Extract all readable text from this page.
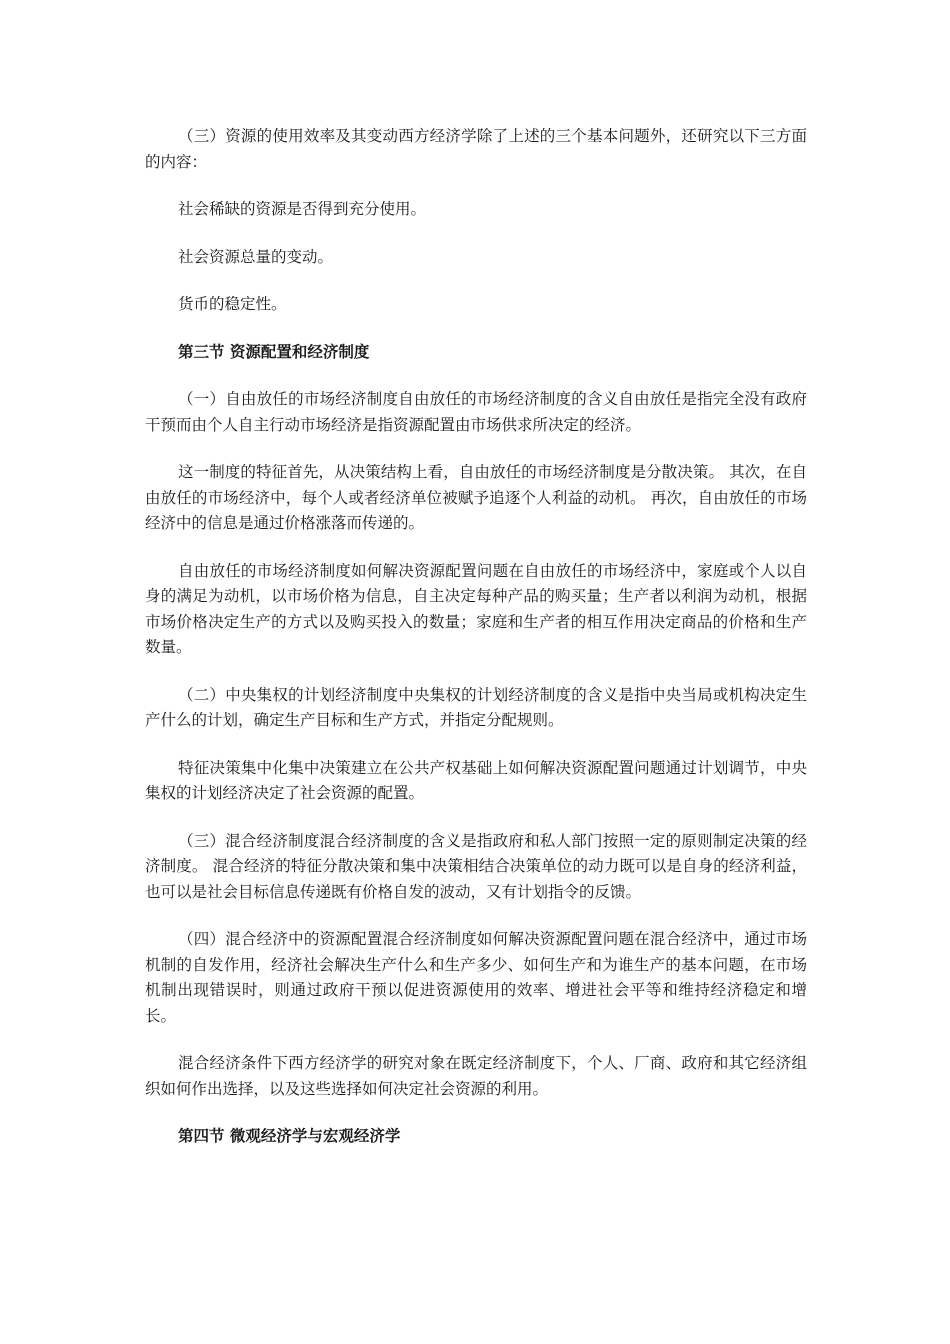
（三）资源的使用效率及其变动西方经济学除了上述的三个基本问题外，还研究以下三方面的内容：

社会稀缺的资源是否得到充分使用。

社会资源总量的变动。

货币的稳定性。

第三节 资源配置和经济制度

（一）自由放任的市场经济制度自由放任的市场经济制度的含义自由放任是指完全没有政府干预而由个人自主行动市场经济是指资源配置由市场供求所决定的经济。

这一制度的特征首先，从决策结构上看，自由放任的市场经济制度是分散决策。 其次，在自由放任的市场经济中，每个人或者经济单位被赋予追逐个人利益的动机。 再次，自由放任的市场经济中的信息是通过价格涨落而传递的。

自由放任的市场经济制度如何解决资源配置问题在自由放任的市场经济中，家庭或个人以自身的满足为动机，以市场价格为信息，自主决定每种产品的购买量；生产者以利润为动机，根据市场价格决定生产的方式以及购买投入的数量；家庭和生产者的相互作用决定商品的价格和生产数量。

（二）中央集权的计划经济制度中央集权的计划经济制度的含义是指中央当局或机构决定生产什么的计划，确定生产目标和生产方式，并指定分配规则。

特征决策集中化集中决策建立在公共产权基础上如何解决资源配置问题通过计划调节，中央集权的计划经济决定了社会资源的配置。

（三）混合经济制度混合经济制度的含义是指政府和私人部门按照一定的原则制定决策的经济制度。 混合经济的特征分散决策和集中决策相结合决策单位的动力既可以是自身的经济利益，也可以是社会目标信息传递既有价格自发的波动，又有计划指令的反馈。

（四）混合经济中的资源配置混合经济制度如何解决资源配置问题在混合经济中，通过市场机制的自发作用，经济社会解决生产什么和生产多少、如何生产和为谁生产的基本问题，在市场机制出现错误时，则通过政府干预以促进资源使用的效率、增进社会平等和维持经济稳定和增长。

混合经济条件下西方经济学的研究对象在既定经济制度下，个人、厂商、政府和其它经济组织如何作出选择，以及这些选择如何决定社会资源的利用。

第四节 微观经济学与宏观经济学
